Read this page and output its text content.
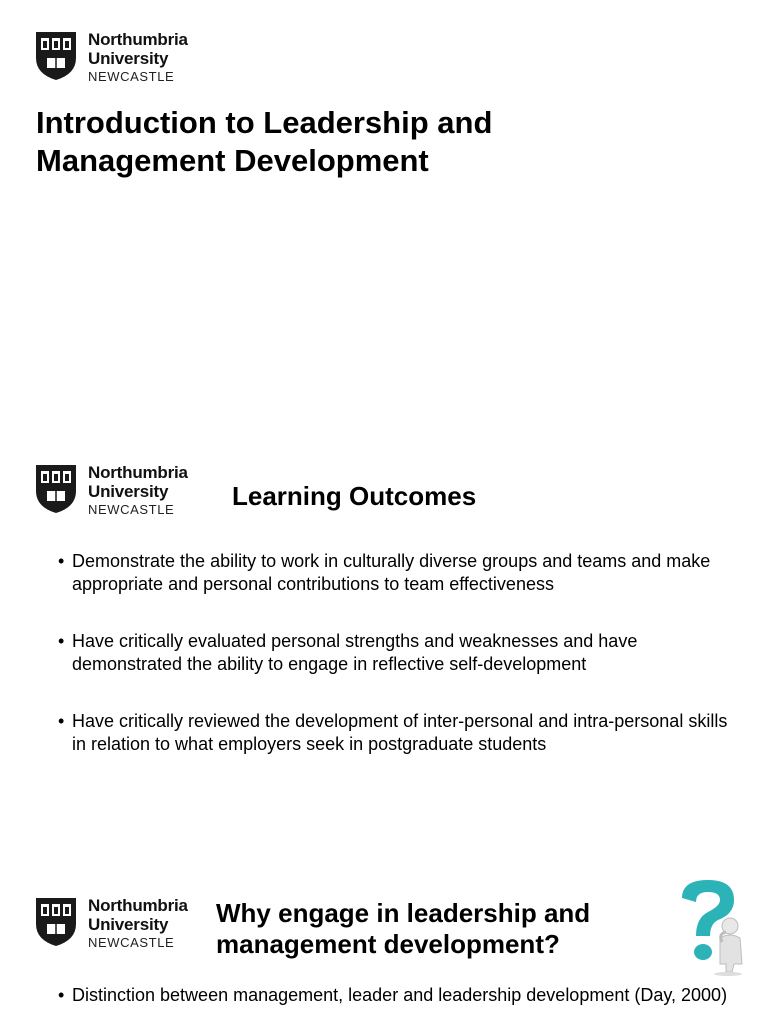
Northumbria
University
NEWCASTLE
Introduction to Leadership and Management Development
Northumbria
University
NEWCASTLE	Learning Outcomes
• Demonstrate the ability to work in culturally diverse groups and teams and make appropriate and personal contributions to team effectiveness
• Have critically evaluated personal strengths and weaknesses and have demonstrated the ability to engage in reflective self-development
• Have critically reviewed the development of inter-personal and intra-personal skills in relation to what employers seek in postgraduate students
Northumbria
University
NEWCASTLE
Why engage in leadership and management development?
• Distinction between management, leader and leadership development (Day, 2000)
